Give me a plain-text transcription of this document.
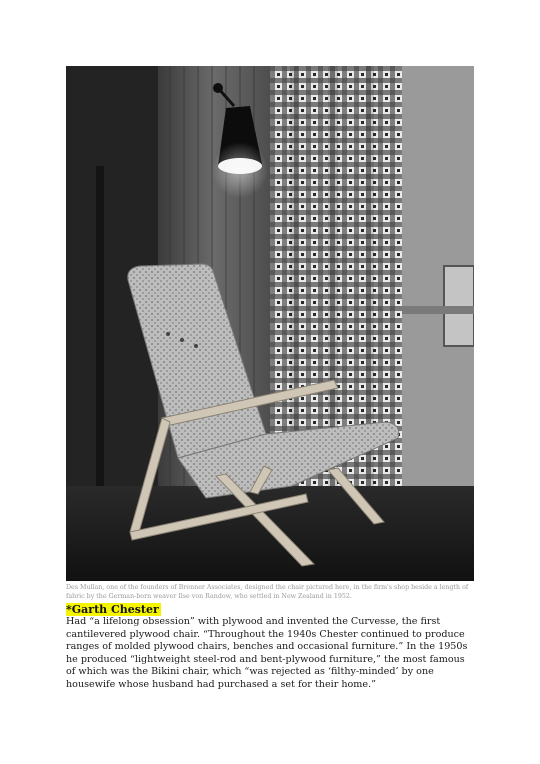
Des Mullan, one of the founders of Brenner Associates, designed the chair pictured here, in the firm's shop beside a length of fabric by the German-born weaver Ilse von Randow, who settled in New Zealand in 1952.

*Garth Chester

Had “a lifelong obsession” with plywood and invented the Curvesse, the first cantilevered plywood chair. “Throughout the 1940s Chester continued to produce ranges of molded plywood chairs, benches and occasional furniture.” In the 1950s he produced “lightweight steel-rod and bent-plywood furniture,” the most famous of which was the Bikini chair, which “was rejected as ‘filthy-minded’ by one housewife whose husband had purchased a set for their home.”
